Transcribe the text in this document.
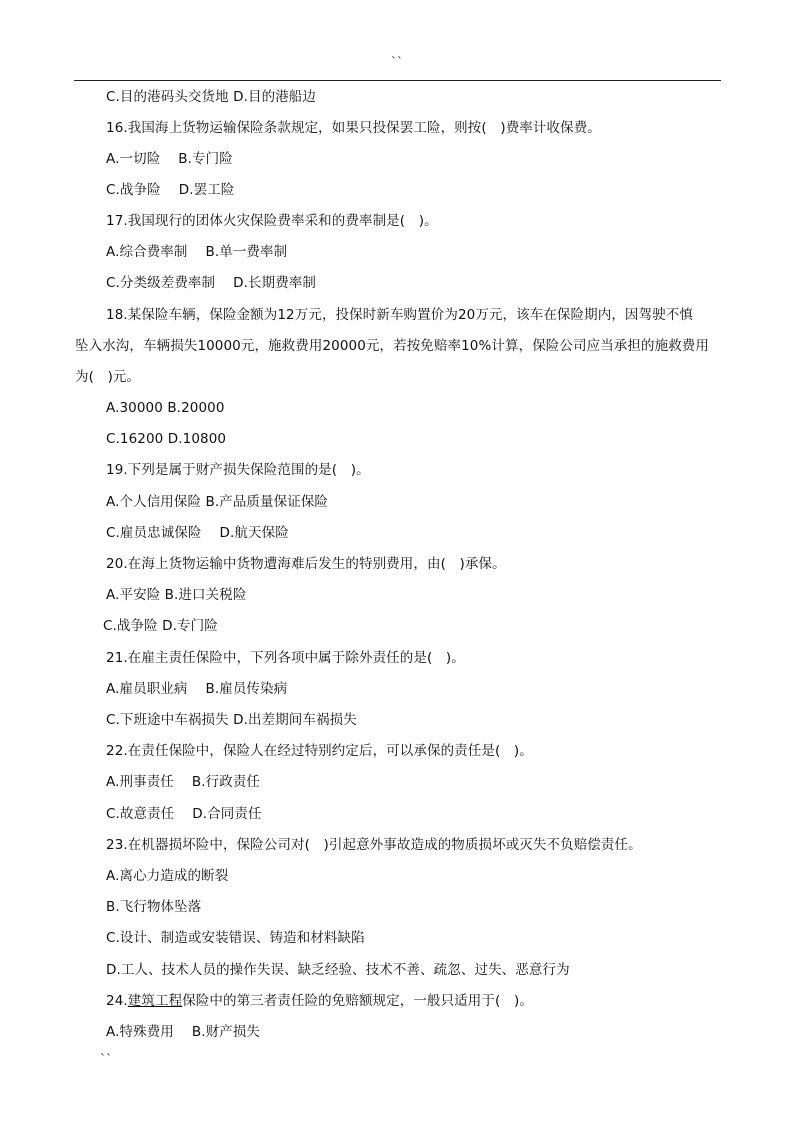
``
C.目的港码头交货地 D.目的港船边
16.我国海上货物运输保险条款规定，如果只投保罢工险，则按(　)费率计收保费。
A.一切险　 B.专门险
C.战争险　 D.罢工险
17.我国现行的团体火灾保险费率采和的费率制是(　)。
A.综合费率制　 B.单一费率制
C.分类级差费率制　 D.长期费率制
18.某保险车辆，保险金额为12万元，投保时新车购置价为20万元，该车在保险期内，因驾驶不慎
坠入水沟，车辆损失10000元，施救费用20000元，若按免赔率10%计算，保险公司应当承担的施救费用
为(　)元。
A.30000 B.20000
C.16200 D.10800
19.下列是属于财产损失保险范围的是(　)。
A.个人信用保险 B.产品质量保证保险
C.雇员忠诚保险　 D.航天保险
20.在海上货物运输中货物遭海难后发生的特别费用，由(　)承保。
A.平安险 B.进口关税险
C.战争险 D.专门险
21.在雇主责任保险中，下列各项中属于除外责任的是(　)。
A.雇员职业病　 B.雇员传染病
C.下班途中车祸损失 D.出差期间车祸损失
22.在责任保险中，保险人在经过特别约定后，可以承保的责任是(　)。
A.刑事责任　 B.行政责任
C.故意责任　 D.合同责任
23.在机器损坏险中，保险公司对(　)引起意外事故造成的物质损坏或灭失不负赔偿责任。
A.离心力造成的断裂
B.飞行物体坠落
C.设计、制造或安装错误、铸造和材料缺陷
D.工人、技术人员的操作失误、缺乏经验、技术不善、疏忽、过失、恶意行为
24.建筑工程保险中的第三者责任险的免赔额规定，一般只适用于(　)。
A.特殊费用　 B.财产损失
``
